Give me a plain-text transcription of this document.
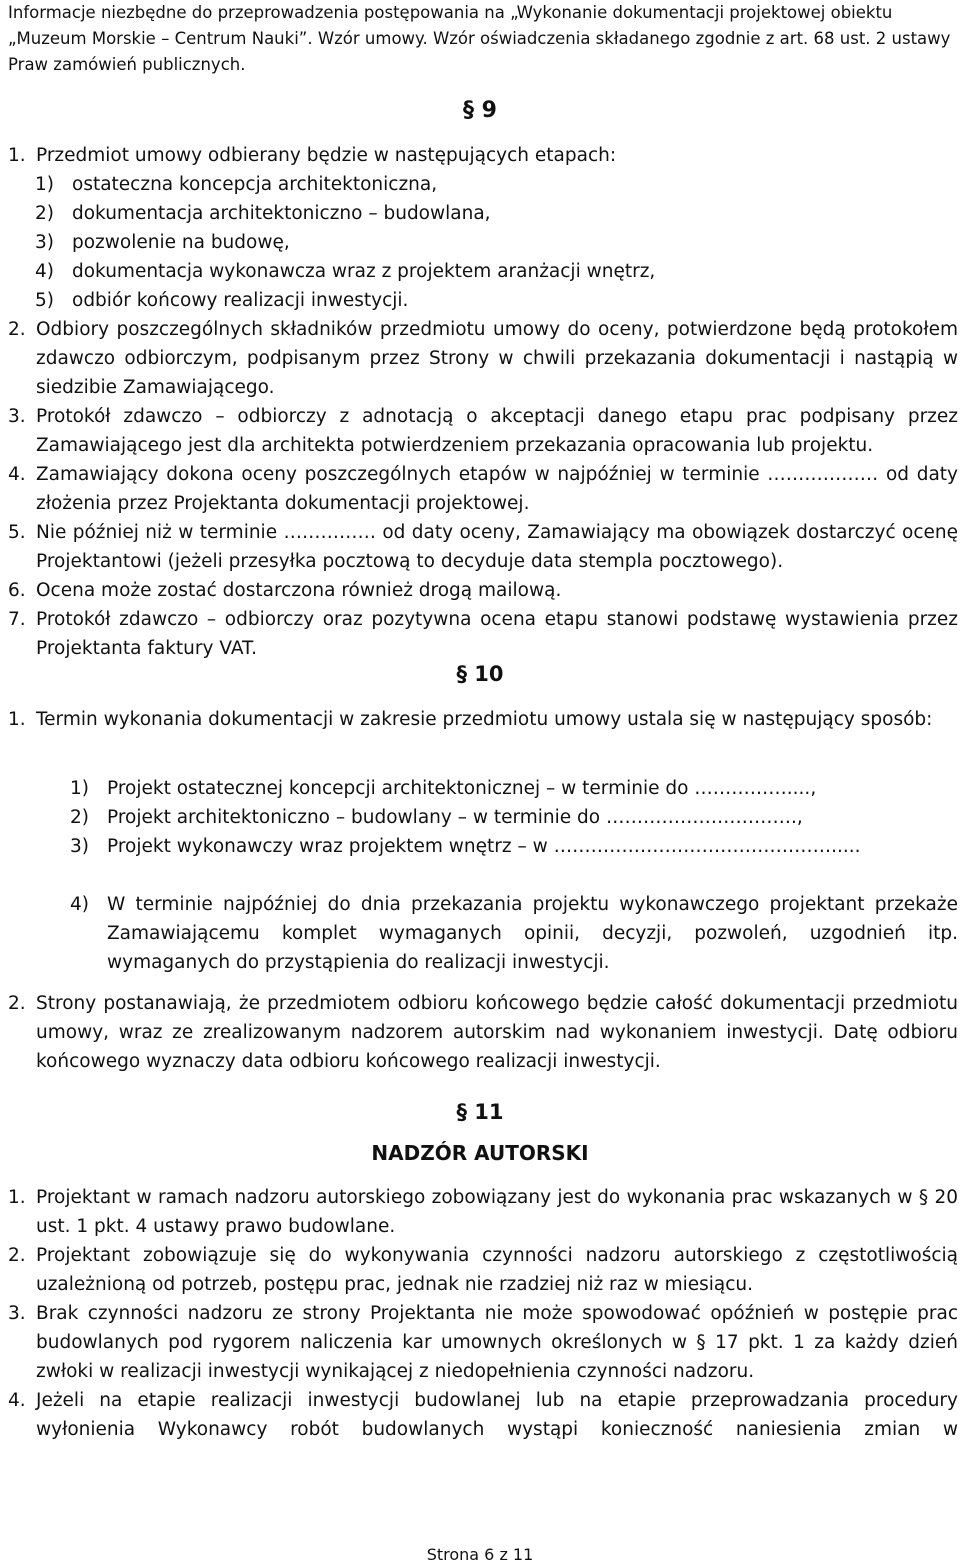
Informacje niezbędne do przeprowadzenia postępowania na „Wykonanie dokumentacji projektowej obiektu „Muzeum Morskie – Centrum Nauki”. Wzór umowy. Wzór oświadczenia składanego zgodnie z art. 68 ust. 2 ustawy Praw zamówień publicznych.
§ 9
1. Przedmiot umowy odbierany będzie w następujących etapach:
1) ostateczna koncepcja architektoniczna,
2) dokumentacja architektoniczno – budowlana,
3) pozwolenie na budowę,
4) dokumentacja wykonawcza wraz z projektem aranżacji wnętrz,
5) odbiór końcowy realizacji inwestycji.
2. Odbiory poszczególnych składników przedmiotu umowy do oceny, potwierdzone będą protokołem zdawczo odbiorczym, podpisanym przez Strony w chwili przekazania dokumentacji i nastąpią w siedzibie Zamawiającego.
3. Protokół zdawczo – odbiorczy z adnotacją o akceptacji danego etapu prac podpisany przez Zamawiającego jest dla architekta potwierdzeniem przekazania opracowania lub projektu.
4. Zamawiający dokona oceny poszczególnych etapów w najpóźniej w terminie ……………… od daty złożenia przez Projektanta dokumentacji projektowej.
5. Nie później niż w terminie …………… od daty oceny, Zamawiający ma obowiązek dostarczyć ocenę Projektantowi (jeżeli przesyłka pocztową to decyduje data stempla pocztowego).
6. Ocena może zostać dostarczona również drogą mailową.
7. Protokół zdawczo – odbiorczy oraz pozytywna ocena etapu stanowi podstawę wystawienia przez Projektanta faktury VAT.
§ 10
1. Termin wykonania dokumentacji w zakresie przedmiotu umowy ustala się w następujący sposób:
1) Projekt ostatecznej koncepcji architektonicznej – w terminie do ……………....,
2) Projekt architektoniczno – budowlany – w terminie do ………………………….,
3) Projekt wykonawczy wraz projektem wnętrz – w ……………………………………….....
4) W terminie najpóźniej do dnia przekazania projektu wykonawczego projektant przekaże Zamawiającemu komplet wymaganych opinii, decyzji, pozwoleń, uzgodnień itp. wymaganych do przystąpienia do realizacji inwestycji.
2. Strony postanawiają, że przedmiotem odbioru końcowego będzie całość dokumentacji przedmiotu umowy, wraz ze zrealizowanym nadzorem autorskim nad wykonaniem inwestycji. Datę odbioru końcowego wyznaczy data odbioru końcowego realizacji inwestycji.
§ 11
NADZÓR AUTORSKI
1. Projektant w ramach nadzoru autorskiego zobowiązany jest do wykonania prac wskazanych w § 20 ust. 1 pkt. 4 ustawy prawo budowlane.
2. Projektant zobowiązuje się do wykonywania czynności nadzoru autorskiego z częstotliwością uzależnioną od potrzeb, postępu prac, jednak nie rzadziej niż raz w miesiącu.
3. Brak czynności nadzoru ze strony Projektanta nie może spowodować opóźnień w postępie prac budowlanych pod rygorem naliczenia kar umownych określonych w § 17 pkt. 1 za każdy dzień zwłoki w realizacji inwestycji wynikającej z niedopełnienia czynności nadzoru.
4. Jeżeli na etapie realizacji inwestycji budowlanej lub na etapie przeprowadzania procedury wyłonienia Wykonawcy robót budowlanych wystąpi konieczność naniesienia zmian w
Strona 6 z 11
